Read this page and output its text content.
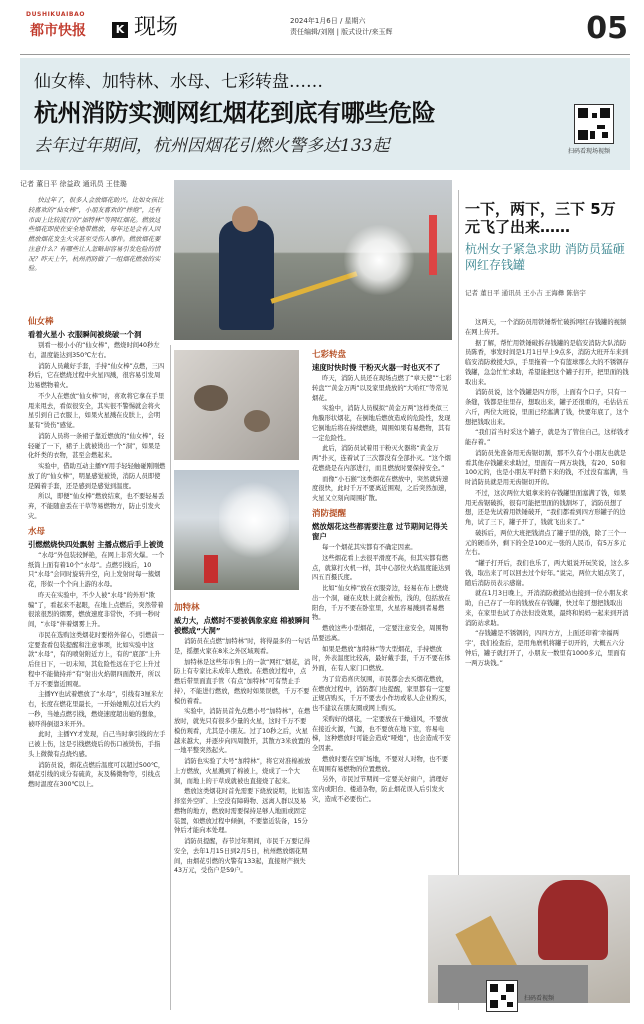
DUSHIKUAIBAO
都市快报	K 现场	2024年1月6日 / 星期六
责任编辑/刘刚 | 版式设计/来玉辉	05
仙女棒、加特林、水母、七彩转盘……
杭州消防实测网红烟花到底有哪些危险
去年过年期间，杭州因烟花引燃火警多达133起	扫码看现场视频
记者 董日平 徐益政 通讯员 王佳璐
快过年了，很多人会放烟花助兴。比如女孩比较喜欢的“仙女棒”，小朋友喜欢的“摔炮”，还有市面上比较流行的“加特林”等网红烟花。燃放这些烟花即使在安全地带燃放，每年还是会有人因燃放烟花发生火灾甚至受伤入事件。燃放烟花要注意什么？有哪些让人忽略却容易引发危险的情况？昨天上午，杭州消防做了一组烟花燃放的实验。
仙女棒
看着火星小 衣服瞬间被烧破一个洞

别看一根小小的“仙女棒”，燃烧时间40秒左右，温度能达到350℃左右。

消防人员戴好手套，手持“仙女棒”点燃，三四秒后，它在燃烧过程中火星四溅，很容易引发周边易燃物着火。

不少人在燃放“仙女棒”时，喜欢将它拿在手里甩来甩去，看似很安全，其实很不警惕就会将火星引到自己衣服上，如果火星溅在皮肤上，会明显有“烫伤”感觉。

消防人员将一条裙子靠近燃放的“仙女棒”，轻轻碰了一下，裙子上就被烫出一个“洞”，如果是化纤类的衣物，甚至会燃起来。

实验中，借助互动主播YY用手轻轻触碰刚刚燃放了的“仙女棒”，明显感觉被烫，消防人员即使是隔着手套，还是感到是感觉到温度。

所以，即便“仙女棒”燃放结束，也不要轻易丢弃，不能随意丢在干草等易燃物方，防止引发火灾。

水母
引燃燃烧快四处飘射 主播点燃后手上被烫

“水母”外包装较鲜艳，在网上非常火爆。一个纸筒上面有着10个“水母”。点燃引线后，10只“水母”会同时旋转升空，向上发射时每一簇烟花，形似一个个向上游的水母。

昨天在实验中，不少人被“水母”的外形“欺骗”了，看起来不起眼，在地上点燃后，突然带着很浓很烈的烟雾，燃放速度非常快，不到一秒时间，“水母”伴着烟雾上升。

市民在选购这类烟花时要格外留心，引燃前一定要查看包装提醒和注意事项，比如实验中这款“水母”，有的喷射附近方上，有的“底部”上升后住日下，一切未知，其危险性远在于它上升过程中不能做持并“有”射出火焰朝四面散开，所以千万不要靠近围观。

主播YY也试着燃放了“水母”，引线有3厘米左右，长度在燃花里最长，一开始她刚点过后大约一秒，当她点燃引线，燃烧速度超出她的想象，被吓得倒退3米开外。

此时，主播YY才发现，自己当时拿引线的左手已被上伤，这是引线燃烧后的伤口被烫伤，手指头上微微有点烧灼感。

消防员说，烟花点燃后温度可以超过500℃，烟花引线的成分有硫黄，灰及稀微物等，引线点燃时温度在300℃以上。

加特林
威力大，点燃时不要被偶象家庭 棉被瞬间被燃成“大洞”

消防员在点燃“加特林”时，将得最多的一句话是，摇摆火家在8米之外区域观看。

加特林是这些年市售上的一款“网红”烟花，消防上有专家比未成年人燃放。在燃放过程中，点燃后带里面直手管（有点“加特林”可有禁止手持），不能进行燃放，燃放时如果误燃，千万不要模仿着看。

实验中，消防员首先点燃小号“加特林”，在燃放时，就先只有很多少量的火星，这时千万不要模仿观看，尤其是小朋友。过了10秒之后，火星越来越大，并逐步向四周散开，其散方3米放置的一地平整突然起火。

消防也实验了大号“加特林”，将它对准棉被放上方燃放，火星溅到了棉被上，烧成了一个大洞，而地上的干草成就被也直接烧了起来。

燃放这类烟花时首先需要下烧放说明，比如选择室外空旷、上空没有障碍物、远离人群以及易燃物的地方，燃放时需要保持足够人地面或固定装置，如燃放过程中倾倒，不要靠近装备，15分钟后才能向本处理。

消防员提醒，春节过年期间，市民千万要记得安全，去年1月15日到2月5日，杭州燃放烟花期间，由烟花引燃的火警有133起，直接财产损失43万元，受伤户是59户。

七彩转盘
速度时快时慢 干粉灭火器一时也灭不了

昨天，消防人员还在现场点燃了“章天使”“七彩转盘”“黄金万两”以及家里烧放的“大哈红”等常见烟花。

实验中，消防人员模拟“黄金万两”这样类似三角膜形状烟花，在倒地后燃放造成的危险性，发现它倒地后将在持续燃烧，周围如果有易燃物，其有一定危险性。

此后，消防员试着用干粉灭火器将“黄金万两”扑灭，连着试了三次都没有全部扑灭。“这个烟花燃烧是在内部进行，而且燃放时要保持安全。”

而像“小石猴”这类烟花在燃放中，突然就转速度很快，此时千万不要离近围观，之后突然加速，火星又立刻向周围扩散。

消防提醒
燃放烟花这些都需要注意 过节期间记得关窗户

每一个烟花其实都有不确定因素。

这些烟花看上去很平滑度不高，但其实都有燃点，就算打火机一样，其中心部位火焰温度能达到四五百摄氏度。

比如“仙女棒”放在衣服旁边，轻易在布上燃烧出一个洞，碰在皮肤上就会被伤，浅的，包括放在阳台，千万不要在卧室里，火星容易溅到者易燃物。

燃放这些小型烟花，一定要注意安全，周围物品要远离。

如果是燃放“加特林”等大型烟花，手持燃放时，外表温度比较高，最好戴手套，千万不要在体外面，在有人家门口燃放。

为了营造喜庆氛围，市民都会去买烟花燃放，在燃放过程中，消防都门也提醒，家里都有一定要正规店购买，千万不要去小作坊或私人企业购买，也不建议在朋友圈或网上购买。

采购好的烟花，一定要放在干燥通风，不要放在接近火源，气源，也不要放在地下室，容易电梯，这种燃放时可能会造成“哑炮”，也会造成不安全因素。

燃放时要在空旷场地，不要对人对物，也不要在周围有易燃物的位置燃放。

另外，市民过节期间一定要关好窗户，清理好室内或阳台、楼道杂物，防止烟花误入后引发火灾，造成不必要伤亡。

一下，两下，三下 5万元飞了出来……
杭州女子紧急求助 消防员猛砸网红存钱罐
记者 董日平 通讯员 王小吉 王海彝 陈倍宇

这两天，一个消防员用铁锤帮忙破拆网红存钱罐的视频在网上传开。

据了解，帮忙用铁锤破拆存钱罐的是临安消防大队消防员陈香，事发时间是1月1日早上9点多，消防大班开车来到临安消防救援大队，手里拖着一个有篮球那么大的不锈钢存钱罐，急急忙忙求助，希望能把这个罐子打开，把里面的钱取出来。

消防员说，这个钱罐是四方形，上面有个口子，只有一条缝，钱都是往里存，想取出来，罐子还很重的，毛估估五六斤，两位大班说，里面已经塞满了钱，快要年底了，这个想把钱取出来。

“我们首当时采这个罐子，就是为了管住自己，这样钱才能存着。”

消防员先准备用无齿锯切割，那不久有个小朋友也就是看其他存钱罐来求助过，里面有一两万块钱，有20、50和100元的，也是小朋友平时攒下来的钱，不过没有塞满，当时消防员就是用无齿锯切开的。

不过，这次两位大姐拿来的存钱罐里面塞满了钱，如果用无齿锯破拆，很有可能把里面的钱割坏了，消防员想了想，还是先试着用铁锤破开，“我们都看到四方形罐子的边角，试了三下，罐子开了，钱就飞出来了。”

破拆后，两位大班把钱清点了罐子里的钱，除了三个一元的硬币外，剩下的全是100元一张的人民币，有5万多元左右。

“罐子打开后，我们也乐了，两大姐说开玩笑说，这么多钱，取出来了可以回去过个好年。”说完，两位大姐点笑了，随后消防员表示感谢。

就在1月3日晚上，开消消防救援站也接到一位小朋友求助，自己存了一年的钱放在存钱罐，快过年了想把钱取出来，在家里也试了办法但没效果，最终和妈妈一起来到开消消防站求助。

“存钱罐是不锈钢的，四四方方，上面还印着‘幸福两字’，我们检查后，是用角磨机将罐子切开的，大概五六分钟后，罐子就打开了，小朋友一数里有1000多元，里面有一两万块钱。”

扫码看视频
